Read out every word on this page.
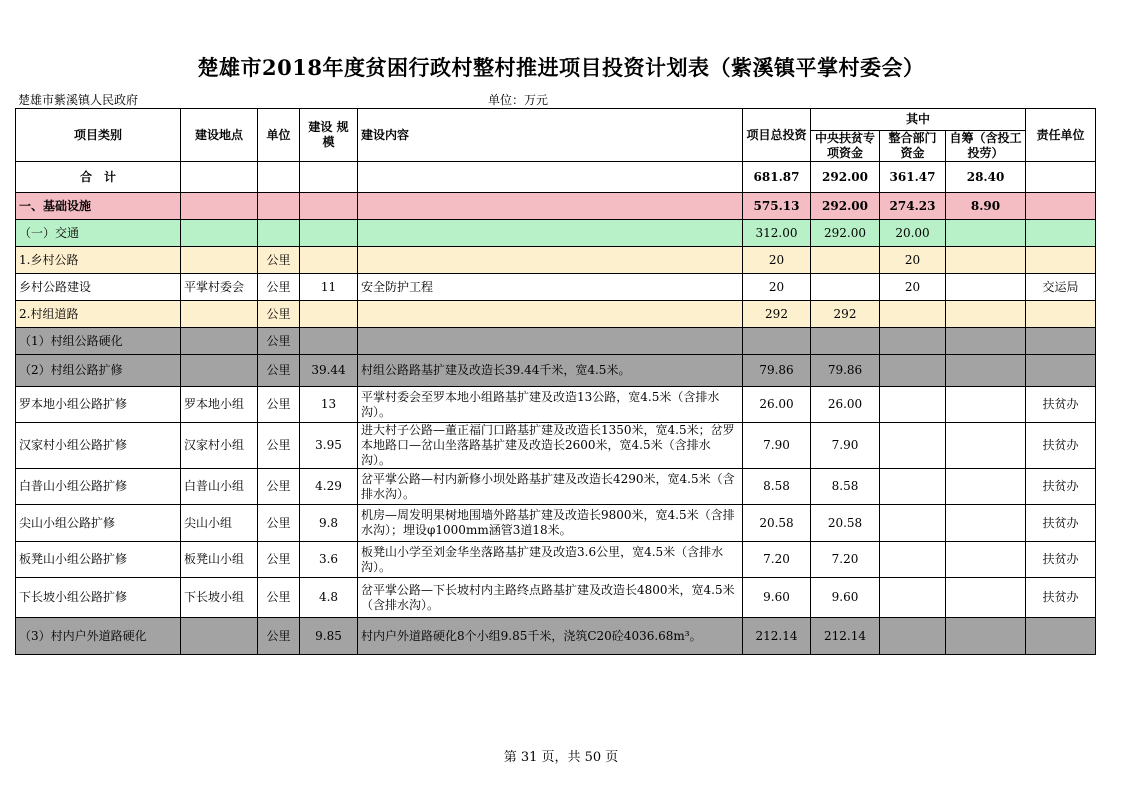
楚雄市2018年度贫困行政村整村推进项目投资计划表（紫溪镇平掌村委会）
楚雄市紫溪镇人民政府	单位：万元
项目类别	建设地点	单位	建设 规模	建设内容	项目总投资	其中			责任单位
						中央扶贫专项资金	整合部门资金	自筹（含投工投劳）	
合　计					681.87	292.00	361.47	28.40	
一、基础设施					575.13	292.00	274.23	8.90	
（一）交通					312.00	292.00	20.00		
1.乡村公路		公里			20		20		
乡村公路建设	平掌村委会	公里	11	安全防护工程	20		20		交运局
2.村组道路		公里			292	292			
（1）村组公路硬化		公里							
（2）村组公路扩修		公里	39.44	村组公路路基扩建及改造长39.44千米，宽4.5米。	79.86	79.86			
罗本地小组公路扩修	罗本地小组	公里	13	平掌村委会至罗本地小组路基扩建及改造13公路，宽4.5米（含排水沟）。	26.00	26.00			扶贫办
汉家村小组公路扩修	汉家村小组	公里	3.95	进大村子公路—董正福门口路基扩建及改造长1350米，宽4.5米；岔罗本地路口—岔山坐落路基扩建及改造长2600米，宽4.5米（含排水沟）。	7.90	7.90			扶贫办
白普山小组公路扩修	白普山小组	公里	4.29	岔平掌公路—村内新修小坝处路基扩建及改造长4290米，宽4.5米（含排水沟）。	8.58	8.58			扶贫办
尖山小组公路扩修	尖山小组	公里	9.8	机房—周发明果树地围墙外路基扩建及改造长9800米，宽4.5米（含排水沟）；埋设φ1000mm涵管3道18米。	20.58	20.58			扶贫办
板凳山小组公路扩修	板凳山小组	公里	3.6	板凳山小学至刘金华坐落路基扩建及改造3.6公里，宽4.5米（含排水沟）。	7.20	7.20			扶贫办
下长坡小组公路扩修	下长坡小组	公里	4.8	岔平掌公路—下长坡村内主路终点路基扩建及改造长4800米，宽4.5米（含排水沟）。	9.60	9.60			扶贫办
（3）村内户外道路硬化		公里	9.85	村内户外道路硬化8个小组9.85千米，浇筑C20砼4036.68m³。	212.14	212.14			
第 31 页，共 50 页
